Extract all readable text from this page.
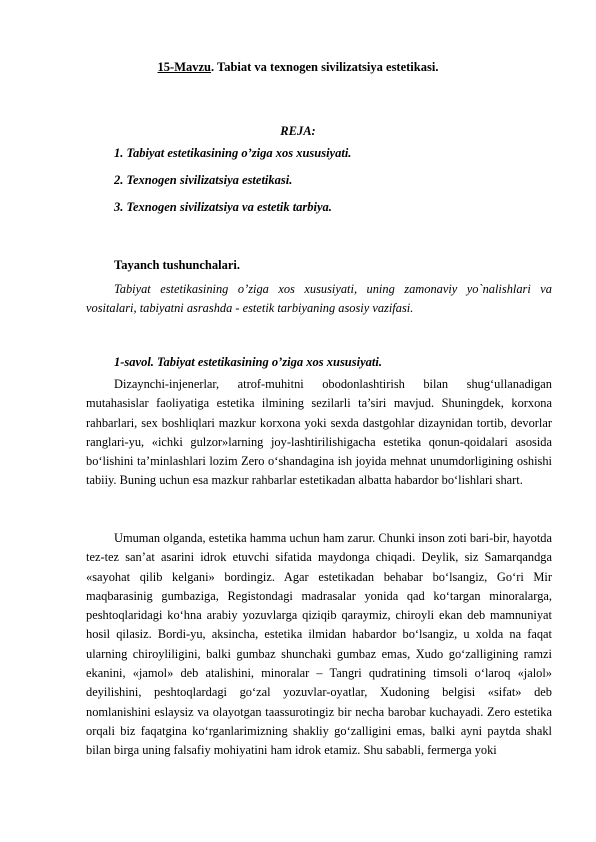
15-Mavzu. Tabiat va texnogen sivilizatsiya estetikasi.
REJA:
1. Tabiyat estetikasining o’ziga xos xususiyati.
2. Texnogen sivilizatsiya estetikasi.
3. Texnogen sivilizatsiya va estetik tarbiya.
Tayanch tushunchalari.

Tabiyat estetikasining o’ziga xos xususiyati, uning zamonaviy yo`nalishlari va vositalari, tabiyatni asrashda - estetik tarbiyaning asosiy vazifasi.

1-savol. Tabiyat estetikasining o’ziga xos xususiyati.

Dizaynchi-injenerlar, atrof-muhitni obodonlashtirish bilan shug‘ullanadigan mutahasislar faoliyatiga estetika ilmining sezilarli ta’siri mavjud. Shuningdek, korxona rahbarlari, sex boshliqlari mazkur korxona yoki sexda dastgohlar dizaynidan tortib, devorlar ranglari-yu, «ichki gulzor»larning joy-lashtirilishigacha estetika qonun-qoidalari asosida bo‘lishini ta’minlashlari lozim Zero o‘shandagina ish joyida mehnat unumdorligining oshishi tabiiy. Buning uchun esa mazkur rahbarlar estetikadan albatta habardor bo‘lishlari shart.

Umuman olganda, estetika hamma uchun ham zarur. Chunki inson zoti bari-bir, hayotda tez-tez san’at asarini idrok etuvchi sifatida maydonga chiqadi. Deylik, siz Samarqandga «sayohat qilib kelgani» bordingiz. Agar estetikadan behabar bo‘lsangiz, Go‘ri Mir maqbarasinig gumbaziga, Registondagi madrasalar yonida qad ko‘targan minoralarga, peshtoqlaridagi ko‘hna arabiy yozuvlarga qiziqib qaraymiz, chiroyli ekan deb mamnuniyat hosil qilasiz. Bordi-yu, aksincha, estetika ilmidan habardor bo‘lsangiz, u xolda na faqat ularning chiroyliligini, balki gumbaz shunchaki gumbaz emas, Xudo go‘zalligining ramzi ekanini, «jamol» deb atalishini, minoralar – Tangri qudratining timsoli o‘laroq «jalol» deyilishini, peshtoqlardagi go‘zal yozuvlar-oyatlar, Xudoning belgisi «sifat» deb nomlanishini eslaysiz va olayotgan taassurotingiz bir necha barobar kuchayadi. Zero estetika orqali biz faqatgina ko‘rganlarimizning shakliy go‘zalligini emas, balki ayni paytda shakl bilan birga uning falsafiy mohiyatini ham idrok etamiz. Shu sababli, fermerga yoki
